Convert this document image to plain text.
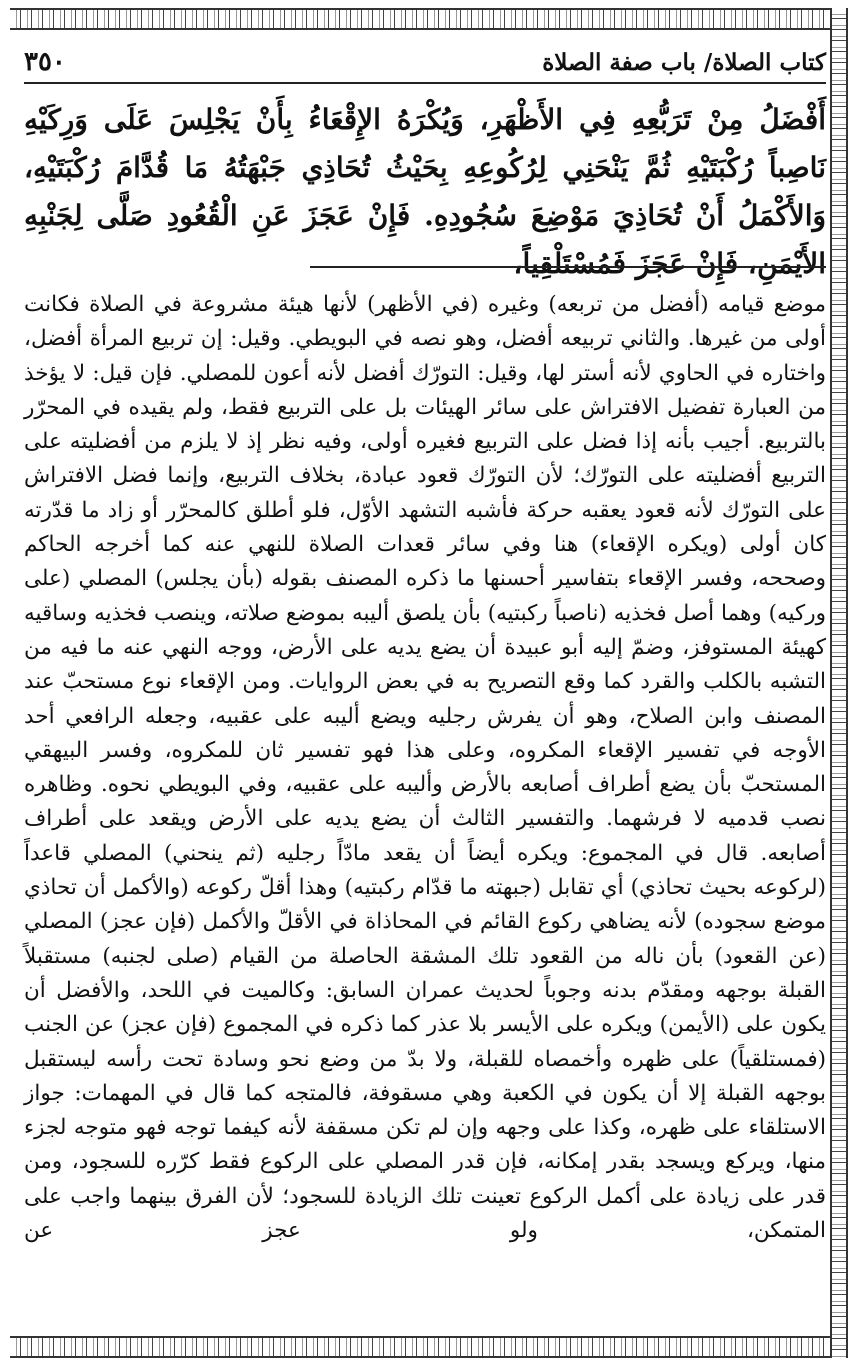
٣٥٠	كتاب الصلاة/ باب صفة الصلاة
أَفْضَلُ مِنْ تَرَبُّعِهِ فِي الأَظْهَرِ، وَيُكْرَهُ الإِقْعَاءُ بِأَنْ يَجْلِسَ عَلَى وَرِكَيْهِ نَاصِباً رُكْبَتَيْهِ ثُمَّ يَنْحَنِي لِرُكُوعِهِ بِحَيْثُ تُحَاذِي جَبْهَتُهُ مَا قُدَّامَ رُكْبَتَيْهِ، وَالأَكْمَلُ أَنْ تُحَاذِيَ مَوْضِعَ سُجُودِهِ. فَإِنْ عَجَزَ عَنِ الْقُعُودِ صَلَّى لِجَنْبِهِ الأَيْمَنِ، فَإِنْ عَجَزَ فَمُسْتَلْقِياً،

موضع قيامه (أفضل من تربعه) وغيره (في الأظهر) لأنها هيئة مشروعة في الصلاة فكانت أولى من غيرها. والثاني تربيعه أفضل، وهو نصه في البويطي. وقيل: إن تربيع المرأة أفضل، واختاره في الحاوي لأنه أستر لها، وقيل: التورّك أفضل لأنه أعون للمصلي. فإن قيل: لا يؤخذ من العبارة تفضيل الافتراش على سائر الهيئات بل على التربيع فقط، ولم يقيده في المحرّر بالتربيع. أجيب بأنه إذا فضل على التربيع فغيره أولى، وفيه نظر إذ لا يلزم من أفضليته على التربيع أفضليته على التورّك؛ لأن التورّك قعود عبادة، بخلاف التربيع، وإنما فضل الافتراش على التورّك لأنه قعود يعقبه حركة فأشبه التشهد الأوّل، فلو أطلق كالمحرّر أو زاد ما قدّرته كان أولى (ويكره الإقعاء) هنا وفي سائر قعدات الصلاة للنهي عنه كما أخرجه الحاكم وصححه، وفسر الإقعاء بتفاسير أحسنها ما ذكره المصنف بقوله (بأن يجلس) المصلي (على وركيه) وهما أصل فخذيه (ناصباً ركبتيه) بأن يلصق أليبه بموضع صلاته، وينصب فخذيه وساقيه كهيئة المستوفز، وضمّ إليه أبو عبيدة أن يضع يديه على الأرض، ووجه النهي عنه ما فيه من التشبه بالكلب والقرد كما وقع التصريح به في بعض الروايات. ومن الإقعاء نوع مستحبّ عند المصنف وابن الصلاح، وهو أن يفرش رجليه ويضع أليبه على عقبيه، وجعله الرافعي أحد الأوجه في تفسير الإقعاء المكروه، وعلى هذا فهو تفسير ثان للمكروه، وفسر البيهقي المستحبّ بأن يضع أطراف أصابعه بالأرض وأليبه على عقبيه، وفي البويطي نحوه. وظاهره نصب قدميه لا فرشهما. والتفسير الثالث أن يضع يديه على الأرض ويقعد على أطراف أصابعه. قال في المجموع: ويكره أيضاً أن يقعد مادّاً رجليه (ثم ينحني) المصلي قاعداً (لركوعه بحيث تحاذي) أي تقابل (جبهته ما قدّام ركبتيه) وهذا أقلّ ركوعه (والأكمل أن تحاذي موضع سجوده) لأنه يضاهي ركوع القائم في المحاذاة في الأقلّ والأكمل (فإن عجز) المصلي (عن القعود) بأن ناله من القعود تلك المشقة الحاصلة من القيام (صلى لجنبه) مستقبلاً القبلة بوجهه ومقدّم بدنه وجوباً لحديث عمران السابق: وكالميت في اللحد، والأفضل أن يكون على (الأيمن) ويكره على الأيسر بلا عذر كما ذكره في المجموع (فإن عجز) عن الجنب (فمستلقياً) على ظهره وأخمصاه للقبلة، ولا بدّ من وضع نحو وسادة تحت رأسه ليستقبل بوجهه القبلة إلا أن يكون في الكعبة وهي مسقوفة، فالمتجه كما قال في المهمات: جواز الاستلقاء على ظهره، وكذا على وجهه وإن لم تكن مسقفة لأنه كيفما توجه فهو متوجه لجزء منها، ويركع ويسجد بقدر إمكانه، فإن قدر المصلي على الركوع فقط كرّره للسجود، ومن قدر على زيادة على أكمل الركوع تعينت تلك الزيادة للسجود؛ لأن الفرق بينهما واجب على المتمكن، ولو عجز عن
